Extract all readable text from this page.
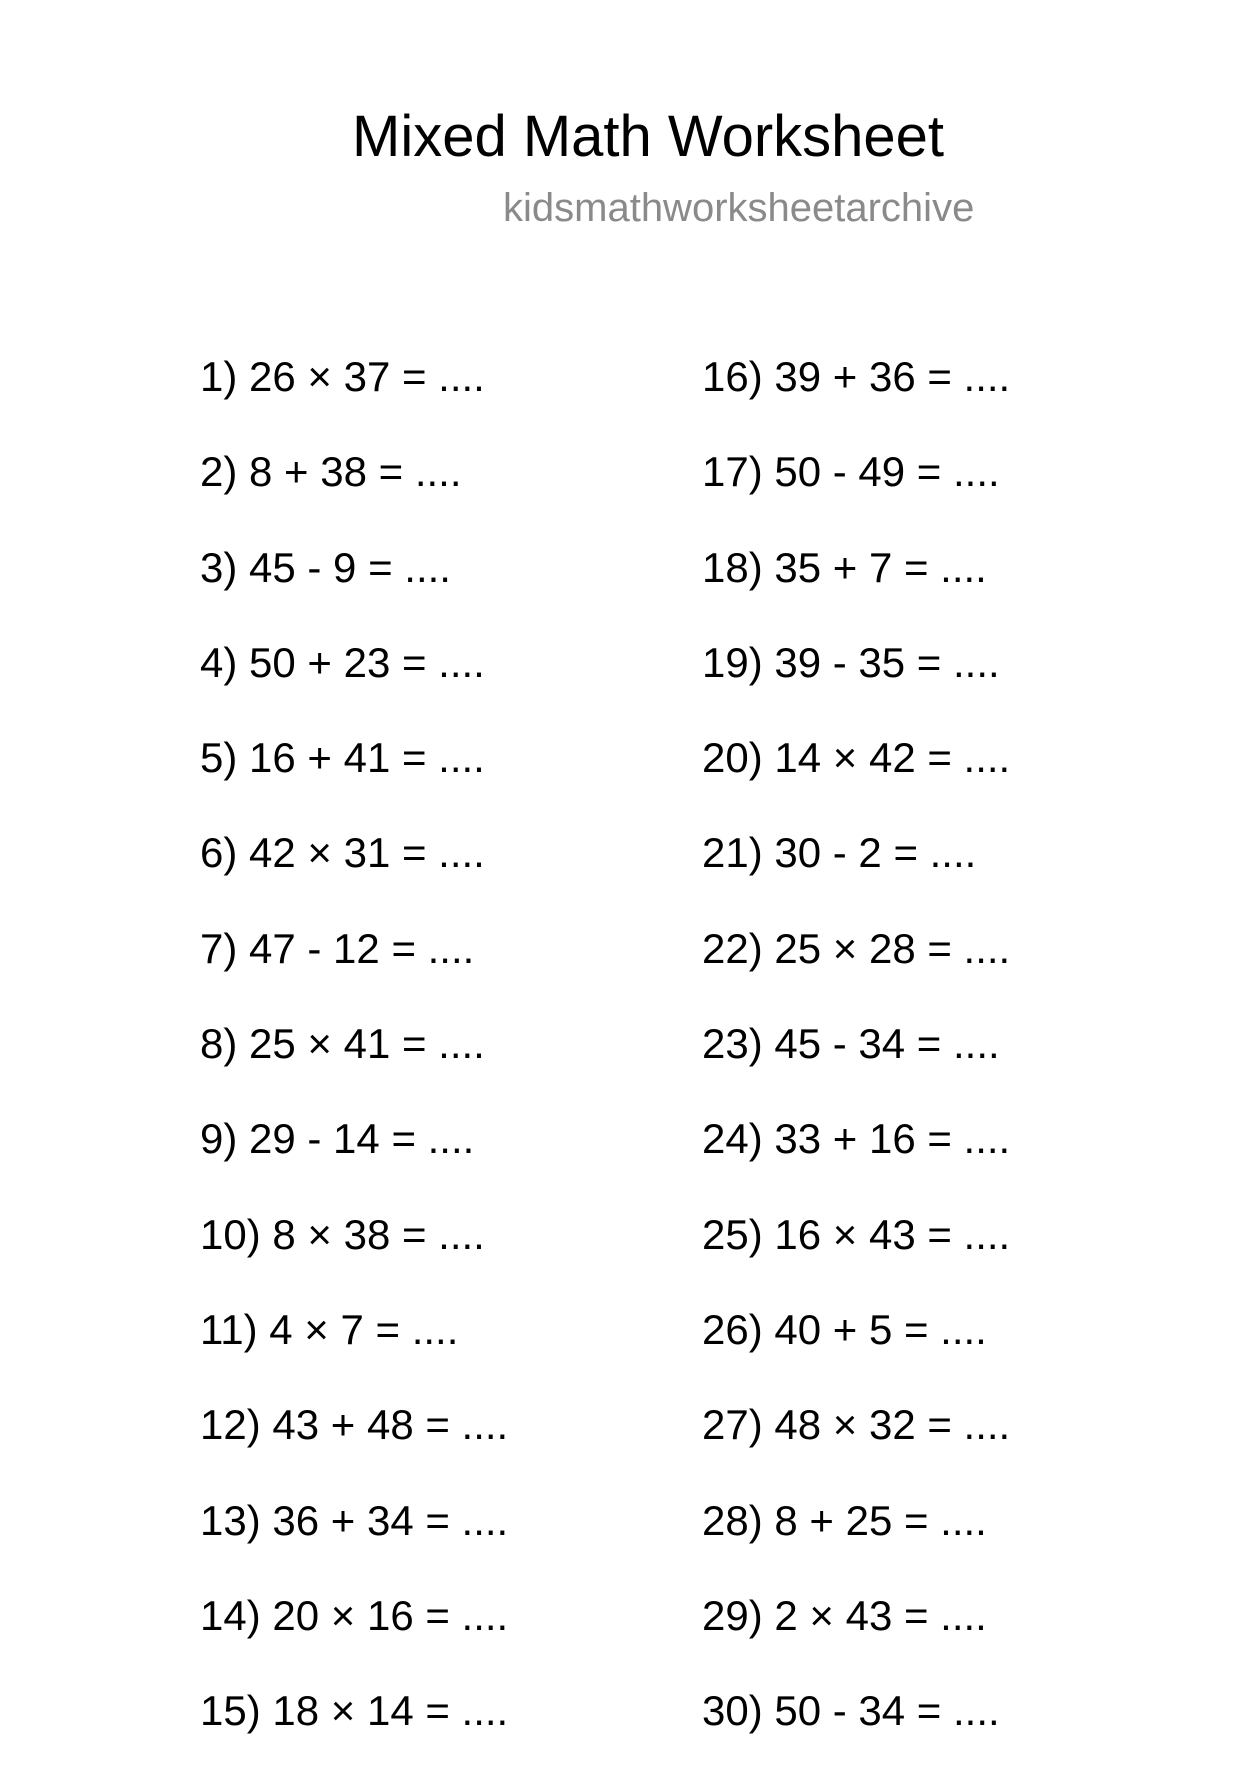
Mixed Math Worksheet
kidsmathworksheetarchive
1) 26 × 37 = ....
2) 8 + 38 = ....
3) 45 - 9 = ....
4) 50 + 23 = ....
5) 16 + 41 = ....
6) 42 × 31 = ....
7) 47 - 12 = ....
8) 25 × 41 = ....
9) 29 - 14 = ....
10) 8 × 38 = ....
11) 4 × 7 = ....
12) 43 + 48 = ....
13) 36 + 34 = ....
14) 20 × 16 = ....
15) 18 × 14 = ....
16) 39 + 36 = ....
17) 50 - 49 = ....
18) 35 + 7 = ....
19) 39 - 35 = ....
20) 14 × 42 = ....
21) 30 - 2 = ....
22) 25 × 28 = ....
23) 45 - 34 = ....
24) 33 + 16 = ....
25) 16 × 43 = ....
26) 40 + 5 = ....
27) 48 × 32 = ....
28) 8 + 25 = ....
29) 2 × 43 = ....
30) 50 - 34 = ....
